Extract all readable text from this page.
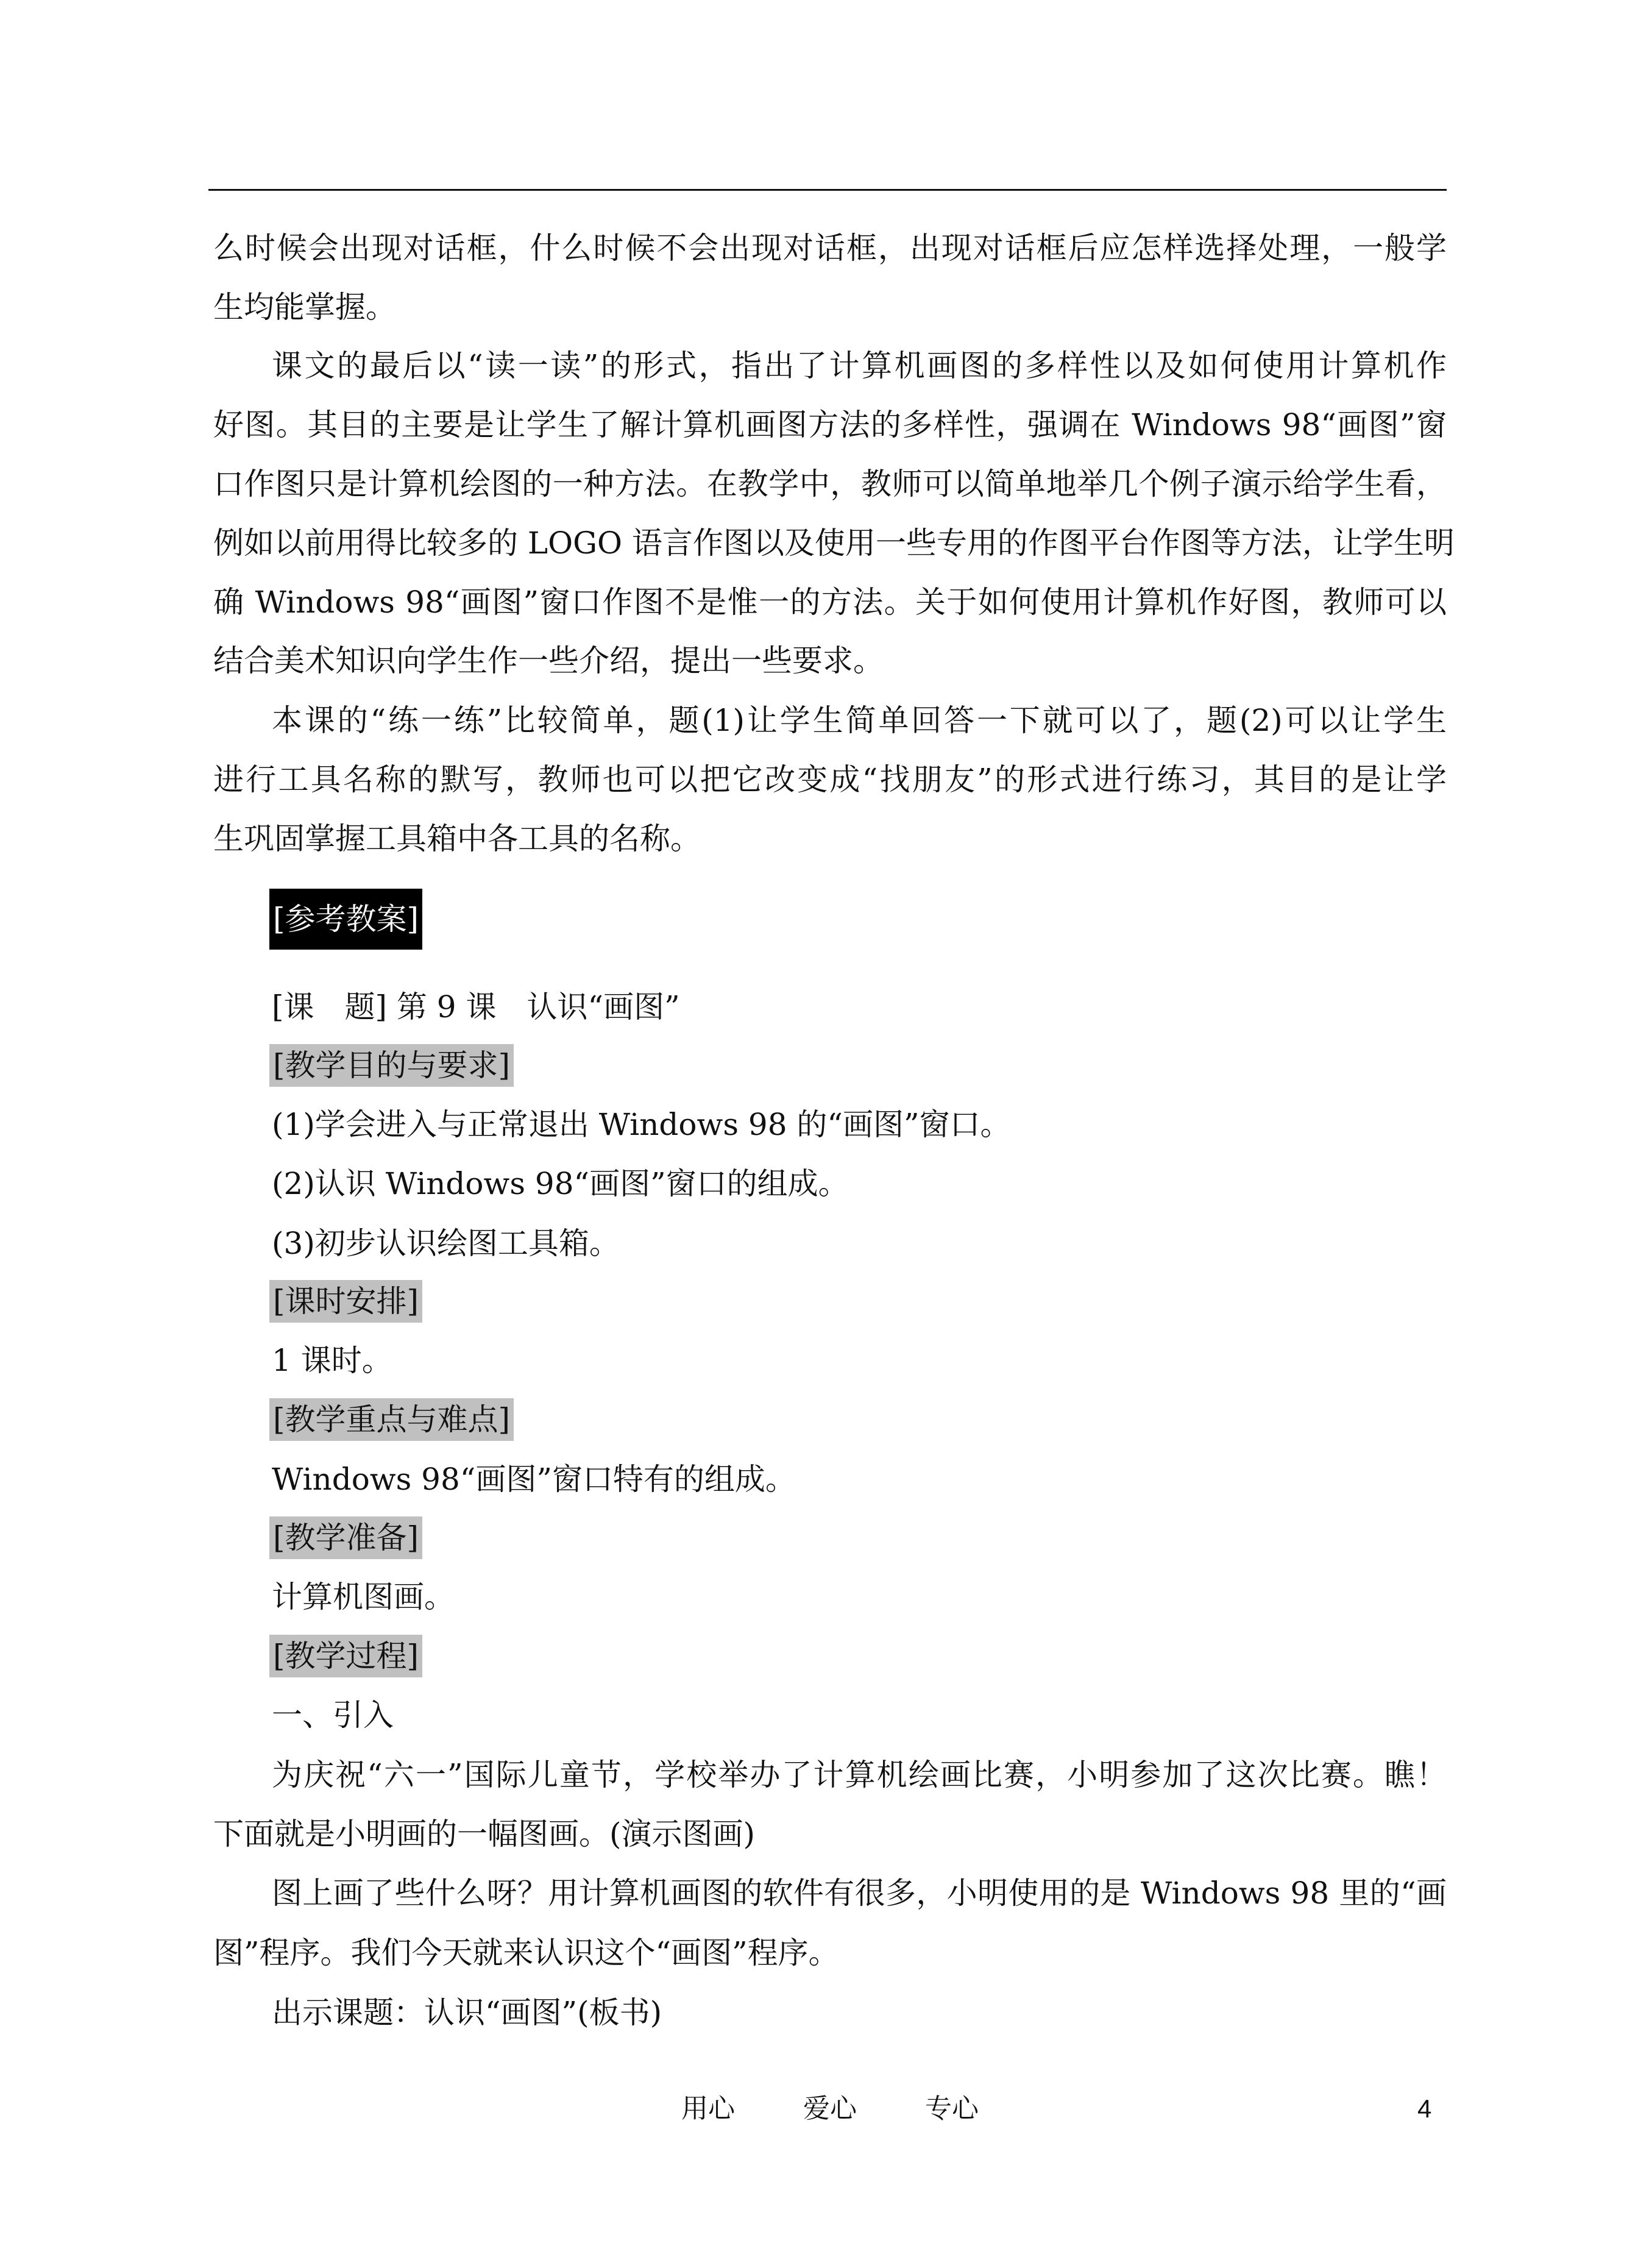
么时候会出现对话框，什么时候不会出现对话框，出现对话框后应怎样选择处理，一般学
生均能掌握。
课文的最后以“读一读”的形式，指出了计算机画图的多样性以及如何使用计算机作
好图。其目的主要是让学生了解计算机画图方法的多样性，强调在 Windows 98“画图”窗
口作图只是计算机绘图的一种方法。在教学中，教师可以简单地举几个例子演示给学生看，
例如以前用得比较多的 LOGO 语言作图以及使用一些专用的作图平台作图等方法，让学生明
确 Windows 98“画图”窗口作图不是惟一的方法。关于如何使用计算机作好图，教师可以
结合美术知识向学生作一些介绍，提出一些要求。
本课的“练一练”比较简单，题(1)让学生简单回答一下就可以了，题(2)可以让学生
进行工具名称的默写，教师也可以把它改变成“找朋友”的形式进行练习，其目的是让学
生巩固掌握工具箱中各工具的名称。
[参考教案]
[课　题] 第 9 课　认识“画图”
[教学目的与要求]
(1)学会进入与正常退出 Windows 98 的“画图”窗口。
(2)认识 Windows 98“画图”窗口的组成。
(3)初步认识绘图工具箱。
[课时安排]
1 课时。
[教学重点与难点]
Windows 98“画图”窗口特有的组成。
[教学准备]
计算机图画。
[教学过程]
一、引入
为庆祝“六一”国际儿童节，学校举办了计算机绘画比赛，小明参加了这次比赛。瞧！
下面就是小明画的一幅图画。(演示图画)
图上画了些什么呀？用计算机画图的软件有很多，小明使用的是 Windows 98 里的“画
图”程序。我们今天就来认识这个“画图”程序。
出示课题：认识“画图”(板书)
用心	爱心	专心	4
